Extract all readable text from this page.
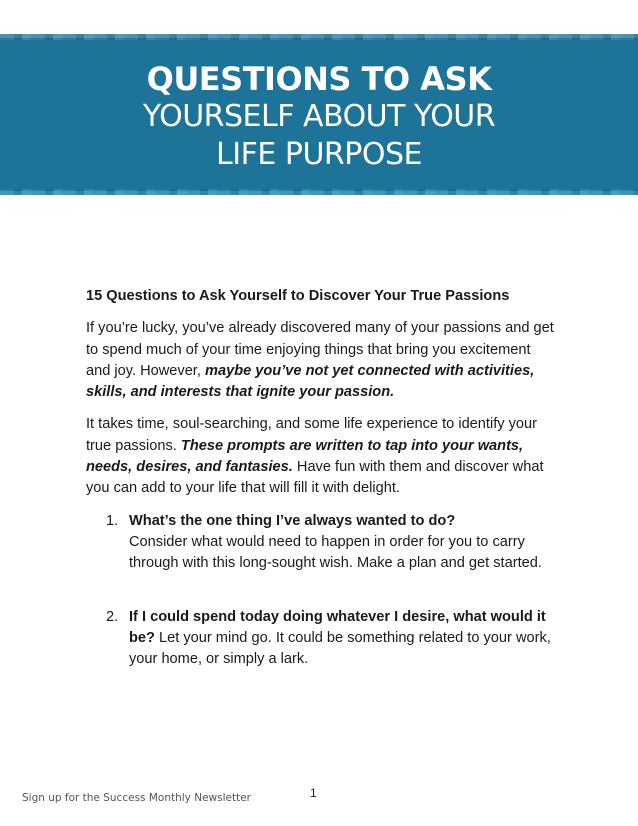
QUESTIONS TO ASK
YOURSELF ABOUT YOUR
LIFE PURPOSE

15 Questions to Ask Yourself to Discover Your True Passions

If you’re lucky, you’ve already discovered many of your passions and get to spend much of your time enjoying things that bring you excitement and joy. However, maybe you’ve not yet connected with activities, skills, and interests that ignite your passion.

It takes time, soul-searching, and some life experience to identify your true passions. These prompts are written to tap into your wants, needs, desires, and fantasies. Have fun with them and discover what you can add to your life that will fill it with delight.

1. What’s the one thing I’ve always wanted to do?
Consider what would need to happen in order for you to carry through with this long-sought wish. Make a plan and get started.
2. If I could spend today doing whatever I desire, what would it be? Let your mind go. It could be something related to your work, your home, or simply a lark.
Sign up for the Success Monthly Newsletter	1
